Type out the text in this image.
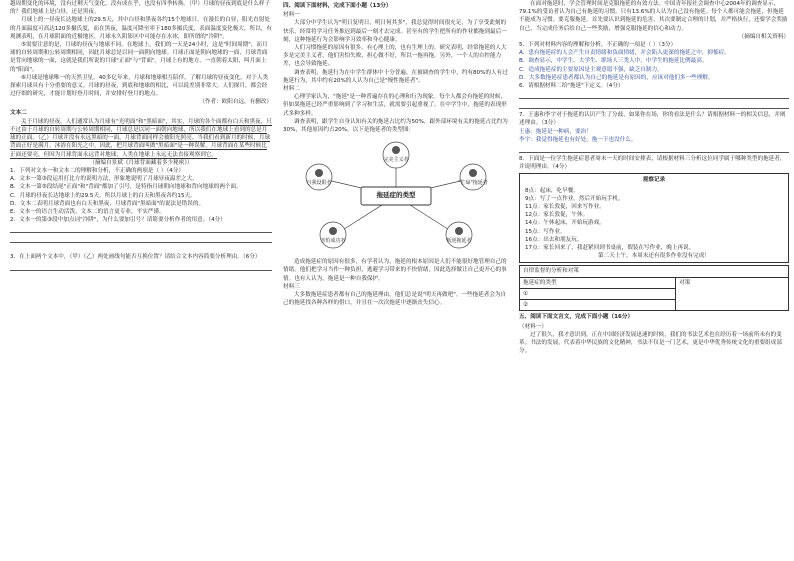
越周期变化的环境，没有过剩天气变化，没有成在乎，也没有四季转换。（甲）月球的昼夜到底是什么样子的？我们地球上是白昼，还是黑夜。

月球上的一昼夜长达地球上的29.5天，其中白昼和黑夜各约15个地球日。在漫长的白昼，阳光直射处的月面温度可高达120多摄氏度，而在黑夜，温度可降至零下180多摄氏度，表面温度变化极大。所以，有观测表明，在月球阴面的近极地区，月球永久阴影区中可能存在水冰，即所谓的"冷阱"。

⑤需要注意的是，月球的昼夜与地球不同。在地球上，我们的一天是24小时，这是"时间周期"，而月球的自转周期和公转周期相同，因此月球总是以同一面朝向地球。月球正面是朝向地球的一面，月球背面是背向地球的一面，这就是我们所说的月球"正面"与"背面"。月球上有的地方，一直朝着太阳，叫月面上的"阳面"。

⑥月球是地球唯一的天然卫星。40多亿年来，月球和地球相互陪伴。了解月球的昼夜变化，对于人类探索月球具有十分重要的意义。月球的昼夜，到底和地球的相比，可以说差别非常大。人们探月，都会经过仔细的研究，才能计划好登月时间，并安排好登月的地点。

（作者：欧阳自远，有删改）

文本二

关于月球的昼夜，人们通常认为月球有"光明面"和"黑暗面"，其实，月球的各个面都有白天和黑夜，只不过由于月球的自转周期与公转周期相同，月球总是以同一面朝向地球，所以我们在地球上看到的总是月球的正面。（乙）月球并没有永远黑暗的一面，月球背面同样会被阳光照亮。当我们看到新月的时候，月球背面正好是满月，沐浴在阳光之中。因此，把月球背面叫做"黑暗面"是一种误解。月球背面在某些时候比正面还要亮，但因为月球背面永远背对地球，人类在地球上永远无法直接观察到它。

（摘编自景斌《月球背面藏着多少秘密》）

1．下列对文本一和文本二的理解和分析，不正确的两项是（ ）（4分）

A．文本一第③段运用打比方的说明方法，形象地说明了月球昼夜温差之大。

B．文本一第⑤段结尾"正面"和"背面"都加了引号，是特指月球朝向地球和背向地球的两个面。

C．月球的昼夜长达地球上的29.5天，所以月球上的白天和黑夜各约15天。

D．文本二表明月球背面也有白天和黑夜，月球背面"黑暗面"的说法是错误的。

E．文本一的语言生动活泼，文本二的语言更专业，平实严谨。

2．文本一的第③段中加点词"冷阱"，为什么要加引号？请简要分析作者的用意。（4分）

3．在上面两个文本中，（甲）（乙）两处画线句能否互换位置？请结合文本内容简要分析理由。（6分）

四、阅读下面材料，完成下面小题（13分）

材料一

大部分中学生认为"明日复明日，明日何其多"，我总觉得时间很充足，为了享受此刻的快乐，经常将学习任务推迟到最后一刻才去完成。甚至有的学生把所有的作业都拖到最后一刻，这种拖延行为会影响学习效率和身心健康。

人们习惯拖延的原因有很多，有心理上的，也有生理上的。研究表明，经常拖延的人大多是完美主义者，他们害怕失败，担心做不好，所以一拖再拖。另外，一个人的自控能力差，也会导致拖延。

调查表明，拖延行为在中学生群体中十分普遍。在被调查的学生中，约有80%的人有过拖延行为，其中约有20%的人认为自己是"慢性拖延者"。

材料二

心理学家认为，"拖延"是一种普遍存在的心理和行为现象。每个人都会有拖延的时候，但如果拖延已经严重影响到了学习和生活，就需要引起重视了。在中学生中，拖延的表现形式多种多样。

调查表明，跟学生自身认知有关的拖延占比约为50%，跟外部环境有关的拖延占比约为30%，其他原因约占20%。以下是拖延者的类型图：

拖延症的类型
完美主义者
自我设限者	"忙碌"拖延者
害怕成功者	叛逆拖延者

造成拖延症的原因有很多，有学者认为，拖延的根本原因是人们不能很好地管理自己的情绪。他们把学习当作一种负担，逃避学习带来的不快情绪，因此选择做让自己更开心的事情。也有人认为，拖延是一种自我保护。

材料三

大多数拖延症患者都有自己的拖延理由，他们总是说"明天再做吧"。一些拖延者会为自己的拖延找各种各样的借口，并且在一次次拖延中逐渐丧失信心。

在面对拖延时，学会管理时间是克服拖延的有效方法。中国青年报社会调查中心2004年的调查显示，79.1%的受访者认为自己有拖延的习惯，只有13.6%的人认为自己没有拖延。每个人都可能会拖延，但拖延不能成为习惯。要克服拖延，首先要认识到拖延的危害，其次要制定合理的计划，并严格执行，还要学会奖励自己，当完成任务后给自己一些奖励，增强克服拖延的信心和动力。

（摘编自相关资料）

5．下列对材料内容的理解和分析，不正确的一项是（ ）（3分）

A．患有拖延症的人会产生自责情绪和负面情绪，并会陷入更深的拖延之中，抑郁症。

B．调查显示，中学生、大学生、职场人三类人中，中学生的拖延比例最高。

C．造成拖延症的主要原因是主观意愿不强，缺乏自制力。

D．大多数拖延症患者都认为自己的拖延是有原因的，应该对他们多一些理解。

6．请根据材料二给"拖延"下定义。（4分）

7．王惠和李宇对于拖延的认识产生了分歧，如果你在场，你的看法是什么？请根据材料一的相关信息，并阐述理由。（3分）

王惠：拖延是一种病，要治！

李宇：我觉得拖延也有好处，拖一下也没什么。

8．下面是一位学生拖延症患者周末一天的时间安排表，请根据材料三分析这位同学属于哪种类型的拖延者，并说明理由。（4分）

观察记录

8点：起床，吃早餐。

9点：写了一点作业，然后开始玩手机。

11点：家长敦促，回来写作业。

12点：家长敦促，午休。

14点：午休起床，开始玩游戏。

15点：写作业。

16点：出去和朋友玩。

17点：家长回来了，我赶紧回到书桌前，假装在写作业，晚上再说。

第二天上午，本周末还有很多作业没有完成！

自律监督的分析和对策
拖延症的类型	对策
①
②

五、阅读下面文言文，完成下面小题（16分）

（材料一）

过了很久，我才意识到，正在中国经济发展迅速的时候，我们的书法艺术也在经历着一场前所未有的变革。书法的发展，代表着中华民族的文化精神，书法不仅是一门艺术，更是中华优秀传统文化的重要组成部分。
